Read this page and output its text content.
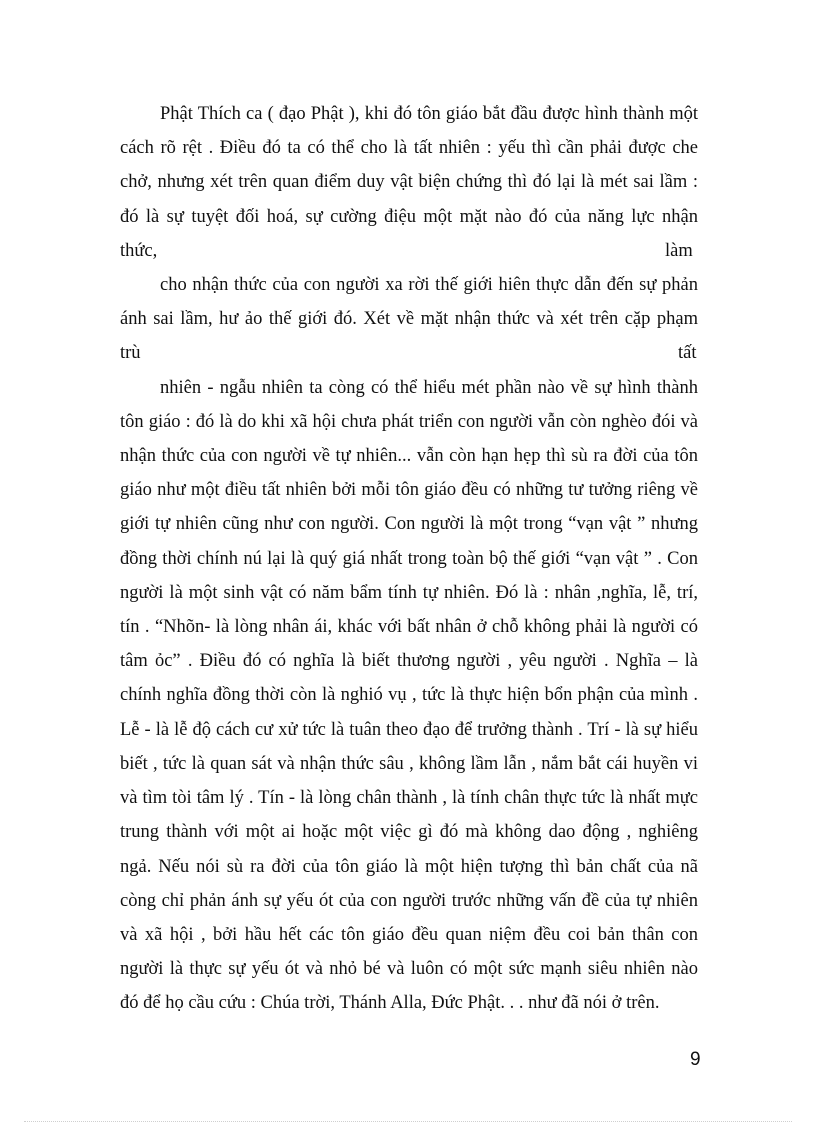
Phật Thích ca ( đạo Phật ), khi đó tôn giáo bắt đầu được hình thành một
cách rõ rệt . Điều đó ta có thể cho là tất nhiên : yếu thì cần phải được che
chở, nhưng xét trên quan điểm duy vật biện chứng thì đó lại là mét sai lầm :
đó là sự tuyệt đối hoá, sự cường điệu một mặt nào đó của năng lực nhận
thức,	làm
cho nhận thức của con người xa rời thế giới hiên thực dẫn đến sự phản
ánh sai lầm, hư ảo thế giới đó. Xét về mặt nhận thức và xét trên cặp phạm
trù	tất
nhiên - ngẫu nhiên ta còng có thể hiểu mét phần nào về sự hình thành
tôn giáo : đó là do khi xã hội chưa phát triển con người vẫn còn nghèo đói và
nhận thức của con người về tự nhiên... vẫn còn hạn hẹp thì sù ra đời của tôn
giáo như một điều tất nhiên bởi mỗi tôn giáo đều có những tư tưởng riêng về
giới tự nhiên cũng như con người. Con người là một trong “vạn vật ” nhưng
đồng thời chính nú lại là quý giá nhất trong toàn bộ thế giới “vạn vật ” . Con
người là một sinh vật có năm bẩm tính tự nhiên. Đó là : nhân ,nghĩa, lễ, trí,
tín . “Nhõn- là lòng nhân ái, khác với bất nhân ở chỗ không phải là người có
tâm ỏc” . Điều đó có nghĩa là biết thương người , yêu người . Nghĩa – là
chính nghĩa đồng thời còn là nghió vụ , tức là thực hiện bổn phận của mình .
Lễ - là lễ độ cách cư xử tức là tuân theo đạo để trưởng thành . Trí - là sự hiểu
biết , tức là quan sát và nhận thức sâu , không lầm lẫn , nắm bắt cái huyền vi
và tìm tòi tâm lý . Tín - là lòng chân thành , là tính chân thực tức là nhất mực
trung thành với một ai hoặc một việc gì đó mà không dao động , nghiêng
ngả. Nếu nói sù ra đời của tôn giáo là một hiện tượng thì bản chất của nã
còng chỉ phản ánh sự yếu ót của con người trước những vấn đề của tự nhiên
và xã hội , bởi hầu hết các tôn giáo đều quan niệm đều coi bản thân con
người là thực sự yếu ót và nhỏ bé và luôn có một sức mạnh siêu nhiên nào
đó để họ cầu cứu : Chúa trời, Thánh Alla, Đức Phật. . . như đã nói ở trên.
9
